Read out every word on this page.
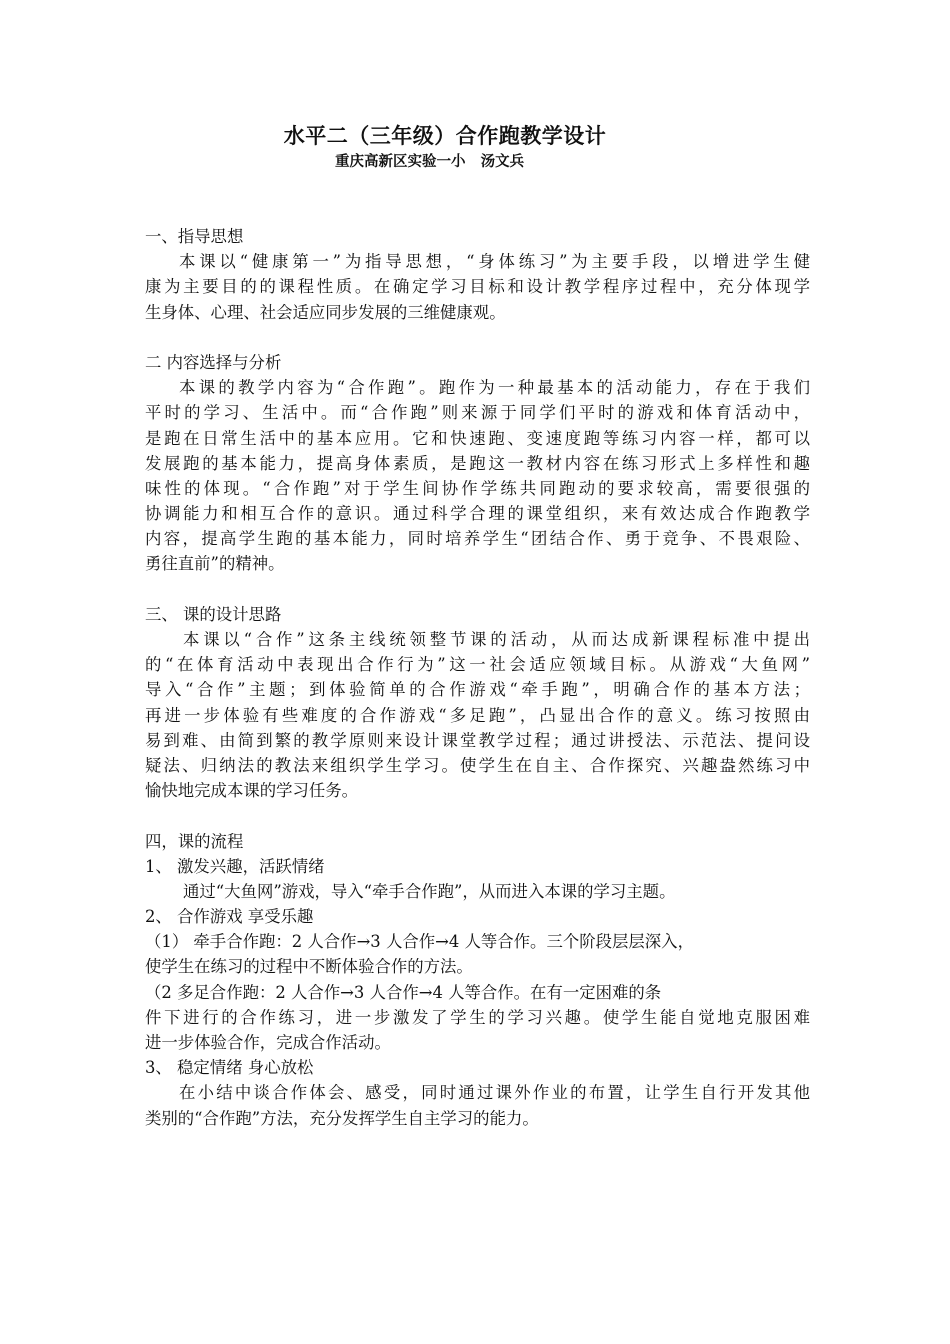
水平二（三年级）合作跑教学设计
重庆高新区实验一小   汤文兵
一、指导思想
本课以“健康第一”为指导思想，“身体练习”为主要手段，以增进学生健
康为主要目的的课程性质。在确定学习目标和设计教学程序过程中，充分体现学
生身体、心理、社会适应同步发展的三维健康观。
二 内容选择与分析
本课的教学内容为“合作跑”。跑作为一种最基本的活动能力，存在于我们
平时的学习、生活中。而“合作跑”则来源于同学们平时的游戏和体育活动中，
是跑在日常生活中的基本应用。它和快速跑、变速度跑等练习内容一样，都可以
发展跑的基本能力，提高身体素质，是跑这一教材内容在练习形式上多样性和趣
味性的体现。“合作跑”对于学生间协作学练共同跑动的要求较高，需要很强的
协调能力和相互合作的意识。通过科学合理的课堂组织，来有效达成合作跑教学
内容，提高学生跑的基本能力，同时培养学生“团结合作、勇于竞争、不畏艰险、
勇往直前”的精神。
三、 课的设计思路
本课以“合作”这条主线统领整节课的活动，从而达成新课程标准中提出
的“在体育活动中表现出合作行为”这一社会适应领域目标。从游戏“大鱼网”
导入“合作”主题；到体验简单的合作游戏“牵手跑”，明确合作的基本方法；
再进一步体验有些难度的合作游戏“多足跑”，凸显出合作的意义。练习按照由
易到难、由简到繁的教学原则来设计课堂教学过程；通过讲授法、示范法、提问设
疑法、归纳法的教法来组织学生学习。使学生在自主、合作探究、兴趣盎然练习中
愉快地完成本课的学习任务。
四，课的流程
1、 激发兴趣，活跃情绪
通过“大鱼网”游戏，导入“牵手合作跑”，从而进入本课的学习主题。
2、 合作游戏 享受乐趣
（1） 牵手合作跑：2 人合作→3 人合作→4 人等合作。三个阶段层层深入，
使学生在练习的过程中不断体验合作的方法。
（2 多足合作跑：2 人合作→3 人合作→4 人等合作。在有一定困难的条
件下进行的合作练习，进一步激发了学生的学习兴趣。使学生能自觉地克服困难
进一步体验合作，完成合作活动。
3、 稳定情绪 身心放松
在小结中谈合作体会、感受，同时通过课外作业的布置，让学生自行开发其他
类别的“合作跑”方法，充分发挥学生自主学习的能力。
